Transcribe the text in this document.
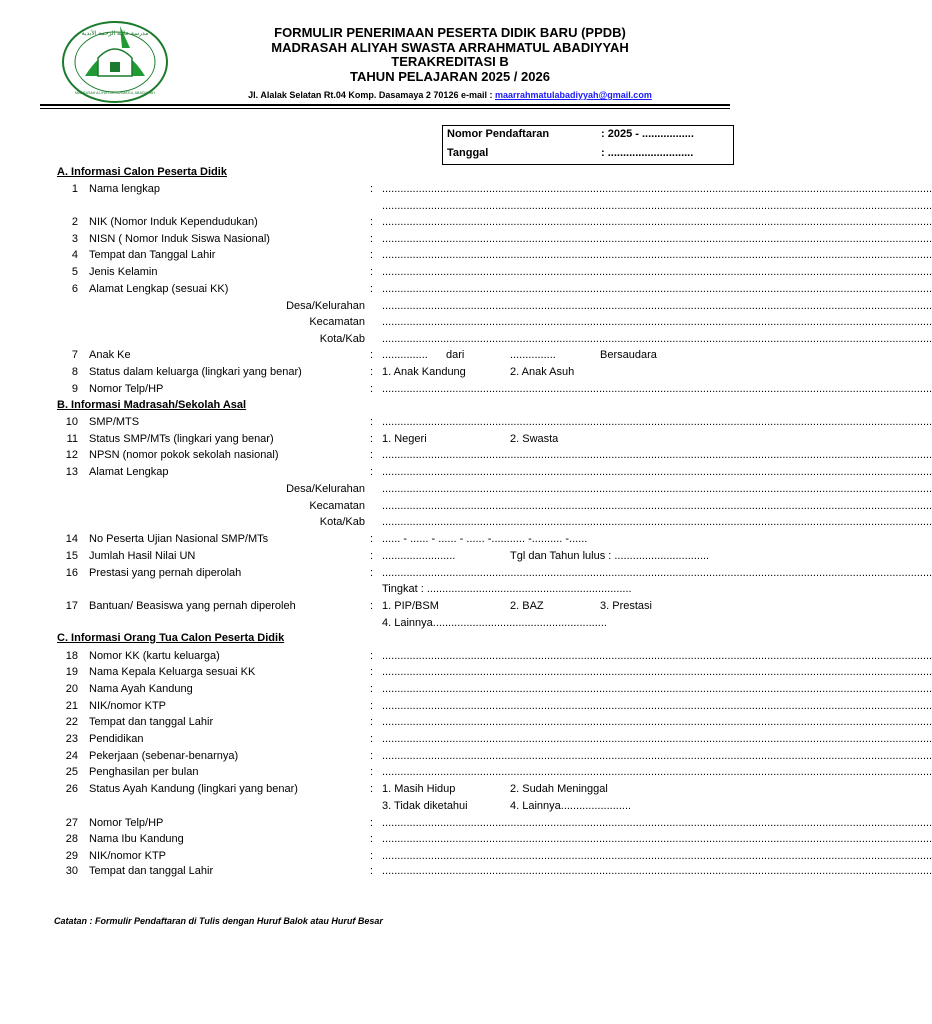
مدرسة عالية الرحمة الأبدية
MADRASAH ALIYAH ARRAHMATUL ABADIYYAH
FORMULIR PENERIMAAN PESERTA DIDIK BARU (PPDB)
MADRASAH ALIYAH SWASTA ARRAHMATUL ABADIYYAH
TERAKREDITASI B
TAHUN PELAJARAN 2025 / 2026
Jl. Alalak Selatan Rt.04 Komp. Dasamaya 2 70126 e-mail : maarrahmatulabadiyyah@gmail.com
Nomor Pendaftaran	: 2025 - .................
Tanggal	: ............................
A. Informasi Calon Peserta Didik
1 Nama lengkap	: ....................................................................................................................................................................................
....................................................................................................................................................................................
2 NIK (Nomor Induk Kependudukan)	: ....................................................................................................................................................................................
3 NISN ( Nomor Induk Siswa Nasional)	: ....................................................................................................................................................................................
4 Tempat dan Tanggal Lahir	: ....................................................................................................................................................................................
5 Jenis Kelamin	: ....................................................................................................................................................................................
6 Alamat Lengkap (sesuai KK)	: ....................................................................................................................................................................................
Desa/Kelurahan ....................................................................................................................................................................................
Kecamatan ....................................................................................................................................................................................
Kota/Kab ....................................................................................................................................................................................
7 Anak Ke	: ............... dari	...............	Bersaudara
8 Status dalam keluarga (lingkari yang benar)	: 1. Anak Kandung	2. Anak Asuh
9 Nomor Telp/HP	: ....................................................................................................................................................................................
B. Informasi Madrasah/Sekolah Asal
10 SMP/MTS	: ....................................................................................................................................................................................
11 Status SMP/MTs (lingkari yang benar)	: 1. Negeri	2. Swasta
12 NPSN (nomor pokok sekolah nasional)	: ....................................................................................................................................................................................
13 Alamat Lengkap	: ....................................................................................................................................................................................
Desa/Kelurahan ....................................................................................................................................................................................
Kecamatan ....................................................................................................................................................................................
Kota/Kab ....................................................................................................................................................................................
14 No Peserta Ujian Nasional SMP/MTs	: ...... - ...... - ...... - ...... -........... -.......... -......
15 Jumlah Hasil Nilai UN	: ........................	Tgl dan Tahun lulus : ...............................
16 Prestasi yang pernah diperolah	: ....................................................................................................................................................................................
Tingkat : ...................................................................
17 Bantuan/ Beasiswa yang pernah diperoleh	: 1. PIP/BSM	2. BAZ	3. Prestasi
4. Lainnya.........................................................
C. Informasi Orang Tua Calon Peserta Didik
18 Nomor KK (kartu keluarga)	: ....................................................................................................................................................................................
19 Nama Kepala Keluarga sesuai KK	: ....................................................................................................................................................................................
20 Nama Ayah Kandung	: ....................................................................................................................................................................................
21 NIK/nomor KTP	: ....................................................................................................................................................................................
22 Tempat dan tanggal Lahir	: ....................................................................................................................................................................................
23 Pendidikan	: ....................................................................................................................................................................................
24 Pekerjaan (sebenar-benarnya)	: ....................................................................................................................................................................................
25 Penghasilan per bulan	: ....................................................................................................................................................................................
26 Status Ayah Kandung (lingkari yang benar)	: 1. Masih Hidup	2. Sudah Meninggal
3. Tidak diketahui	4. Lainnya.......................
27 Nomor Telp/HP	: ....................................................................................................................................................................................
28 Nama Ibu Kandung	: ....................................................................................................................................................................................
29 NIK/nomor KTP	: ....................................................................................................................................................................................
30 Tempat dan tanggal Lahir	: ....................................................................................................................................................................................
Catatan : Formulir Pendaftaran di Tulis dengan Huruf Balok atau Huruf Besar
